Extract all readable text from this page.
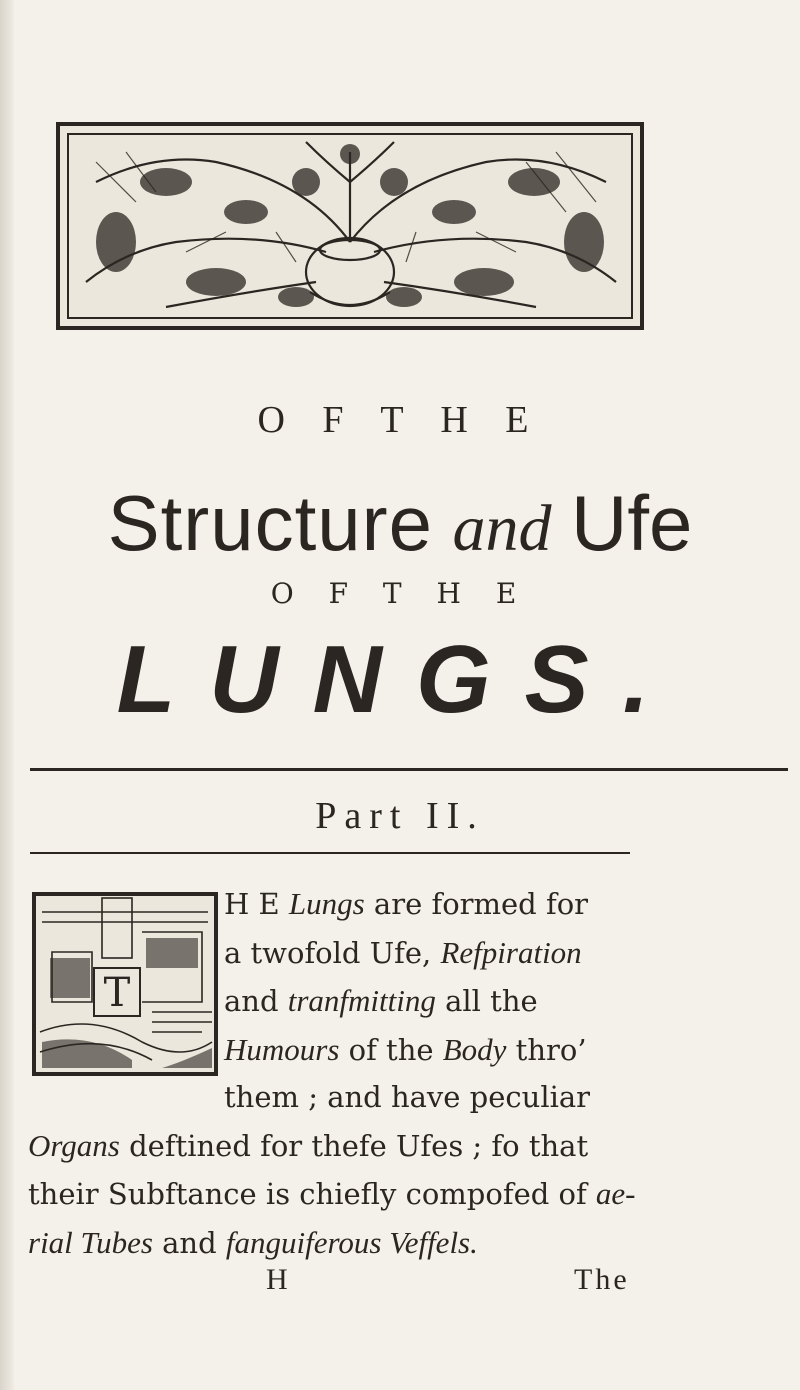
O F T H E
Structure and Ufe
O F T H E
LUNGS.
Part II.
T
H E Lungs are formed for
a twofold Ufe, Refpiration
and tranfmitting all the
Humours of the Body thro’
them ; and have peculiar
Organs deftined for thefe Ufes ; fo that
their Subftance is chiefly compofed of ae-
rial Tubes and fanguiferous Veffels.
H	The
